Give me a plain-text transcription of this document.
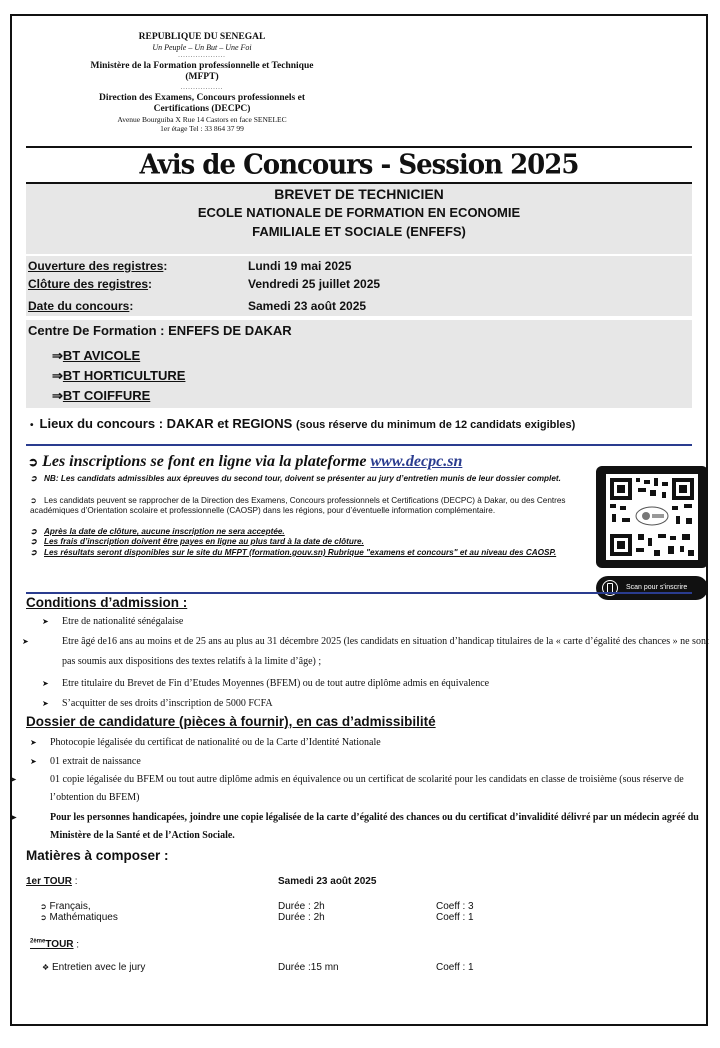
REPUBLIQUE DU SENEGAL
Un Peuple – Un But – Une Foi
...................
Ministère de la Formation professionnelle et Technique (MFPT)
.................
Direction des Examens, Concours professionnels et Certifications (DECPC)
Avenue Bourguiba X Rue 14 Castors en face SENELEC
1er étage Tel : 33 864 37 99
Avis de Concours - Session 2025
BREVET DE TECHNICIEN
ECOLE NATIONALE DE FORMATION EN ECONOMIE
FAMILIALE ET SOCIALE (ENFEFS)
Ouverture des registres:	Lundi 19 mai 2025
Clôture des registres:	Vendredi 25 juillet 2025
Date du concours:	Samedi 23 août 2025
Centre De Formation : ENFEFS DE DAKAR
⇒BT AVICOLE
⇒BT HORTICULTURE
⇒BT COIFFURE
• Lieux du concours : DAKAR et REGIONS (sous réserve du minimum de 12 candidats exigibles)
➲ Les inscriptions se font en ligne via la plateforme www.decpc.sn
➲ NB: Les candidats admissibles aux épreuves du second tour, doivent se présenter au jury d’entretien munis de leur dossier complet.
➲ Les candidats peuvent se rapprocher de la Direction des Examens, Concours professionnels et Certifications (DECPC) à Dakar, ou des Centres académiques d’Orientation scolaire et professionnelle (CAOSP) dans les régions, pour d’éventuelle information complémentaire.
➲ Après la date de clôture, aucune inscription ne sera acceptée.
➲ Les frais d’inscription doivent être payes en ligne au plus tard à la date de clôture.
➲ Les résultats seront disponibles sur le site du MFPT (formation.gouv.sn) Rubrique "examens et concours" et au niveau des CAOSP.
Scan pour s'inscrire
Conditions d’admission :
➤ Etre de nationalité sénégalaise
➤	Etre âgé de16 ans au moins et de 25 ans au plus au 31 décembre 2025 (les candidats en situation d’handicap titulaires de la « carte d’égalité des chances » ne sont pas soumis aux dispositions des textes relatifs à la limite d’âge) ;
➤ Etre titulaire du Brevet de Fin d’Etudes Moyennes (BFEM) ou de tout autre diplôme admis en équivalence
➤ S’acquitter de ses droits d’inscription de 5000 FCFA
Dossier de candidature (pièces à fournir), en cas d’admissibilité
➤ Photocopie légalisée du certificat de nationalité ou de la Carte d’Identité Nationale
➤ 01 extrait de naissance
➤	01 copie légalisée du BFEM ou tout autre diplôme admis en équivalence ou un certificat de scolarité pour les candidats en classe de troisième (sous réserve de l’obtention du BFEM)
➤	Pour les personnes handicapées, joindre une copie légalisée de la carte d’égalité des chances ou du certificat d’invalidité délivré par un médecin agréé du Ministère de la Santé et de l’Action Sociale.
Matières à composer :
1er TOUR :	Samedi 23 août 2025
➲ Français,	Durée : 2h	Coeff : 3
➲ Mathématiques	Durée : 2h	Coeff : 1
$^{2ème}$TOUR :
❖ Entretien avec le jury	Durée :15 mn	Coeff : 1
